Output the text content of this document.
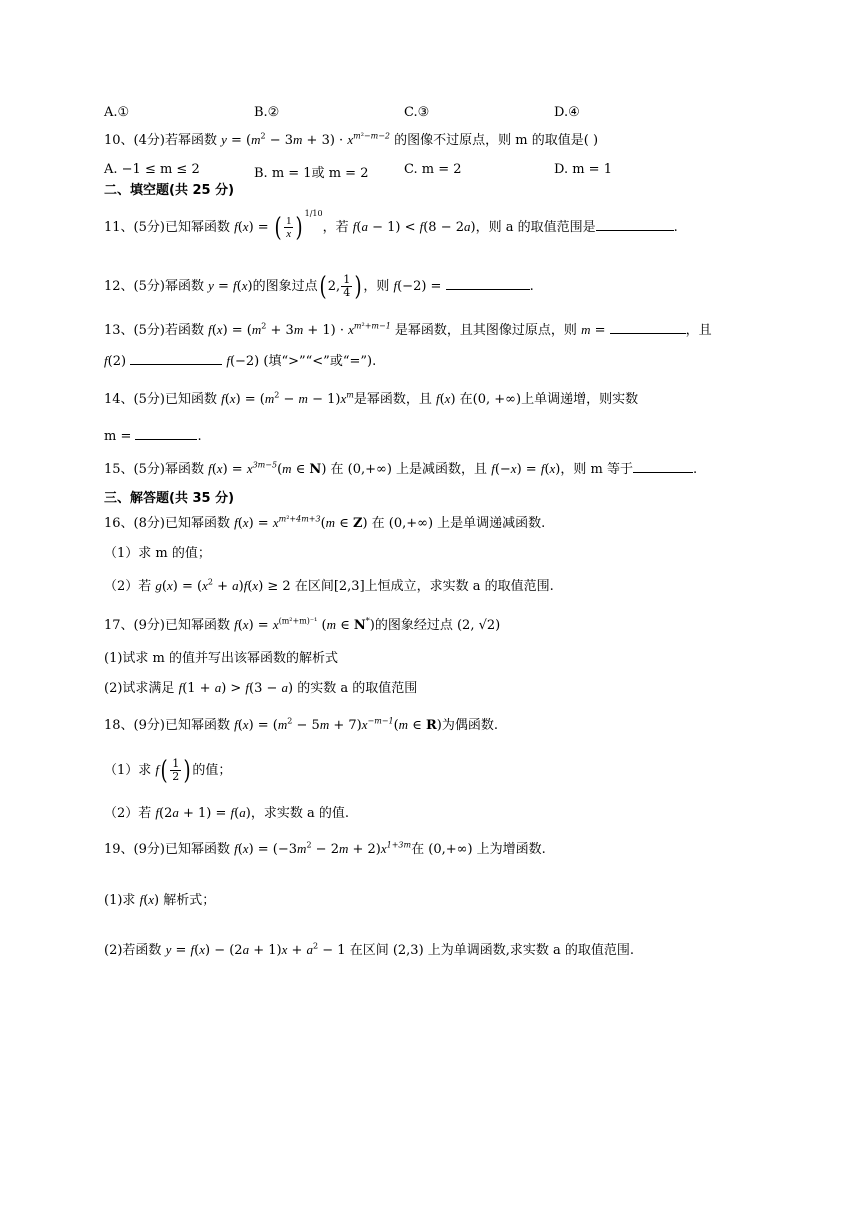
A.①	B.②	C.③	D.④
10、(4分)若幂函数 $y = (m^2 - 3m + 3) \cdot x^{m^2-m-2}$ 的图像不过原点，则 m 的取值是( )
A. −1 ≤ m ≤ 2	B. m = 1或 m = 2	C. m = 2	D. m = 1
二、填空题(共 25 分)
11、(5分)已知幂函数 f(x) = ( $\frac{1}{x}$ ) $^{1/10}$，若 f(a − 1) < f(8 − 2a)，则 a 的取值范围是	.
12、(5分)幂函数 y = f(x)的图象过点( 2, $\frac{1}{4}$ ) ，则 f(−2) =	.
13、(5分)若函数 $f(x) = (m^2 + 3m + 1) \cdot x^{m^2+m-1}$ 是幂函数，且其图像过原点，则 m =	，且
f(2)	f(−2) (填“>”“<”或“=”).
14、(5分)已知函数 $f(x) = (m^2 - m - 1)x^m$是幂函数，且 f(x) 在(0, +∞)上单调递增，则实数
m =	.
15、(5分)幂函数 $f(x) = x^{3m-5}(m$ ∈ N) 在 (0,+∞) 上是减函数，且 f(−x) = f(x)，则 m 等于	.
三、解答题(共 35 分)
16、(8分)已知幂函数 $f(x) = x^{m^2+4m+3}(m$ ∈ Z) 在 (0,+∞) 上是单调递减函数.
（1）求 m 的值；
（2）若 $g(x) = (x^2 + a)f(x) \ge 2$ 在区间[2,3]上恒成立，求实数 a 的取值范围.
17、(9分)已知幂函数 $f(x) = x^{(m^2+m)^{-1}}$ (m ∈ N*)的图象经过点 (2, √2)
(1)试求 m 的值并写出该幂函数的解析式
(2)试求满足 f(1 + a) > f(3 − a) 的实数 a 的取值范围
18、(9分)已知幂函数 $f(x) = (m^2 - 5m + 7)x^{-m-1}(m$ ∈ R)为偶函数.
（1）求 $f( \frac{1}{2}$ ) 的值；
（2）若 f(2a + 1) = f(a)，求实数 a 的值.
19、(9分)已知幂函数 $f(x) = (-3m^2 - 2m + 2)x^{1+3m}$在 (0,+∞) 上为增函数.
(1)求 f(x) 解析式；
(2)若函数 $y = f(x) - (2a + 1)x + a^2 - 1$ 在区间 (2,3) 上为单调函数,求实数 a 的取值范围.
